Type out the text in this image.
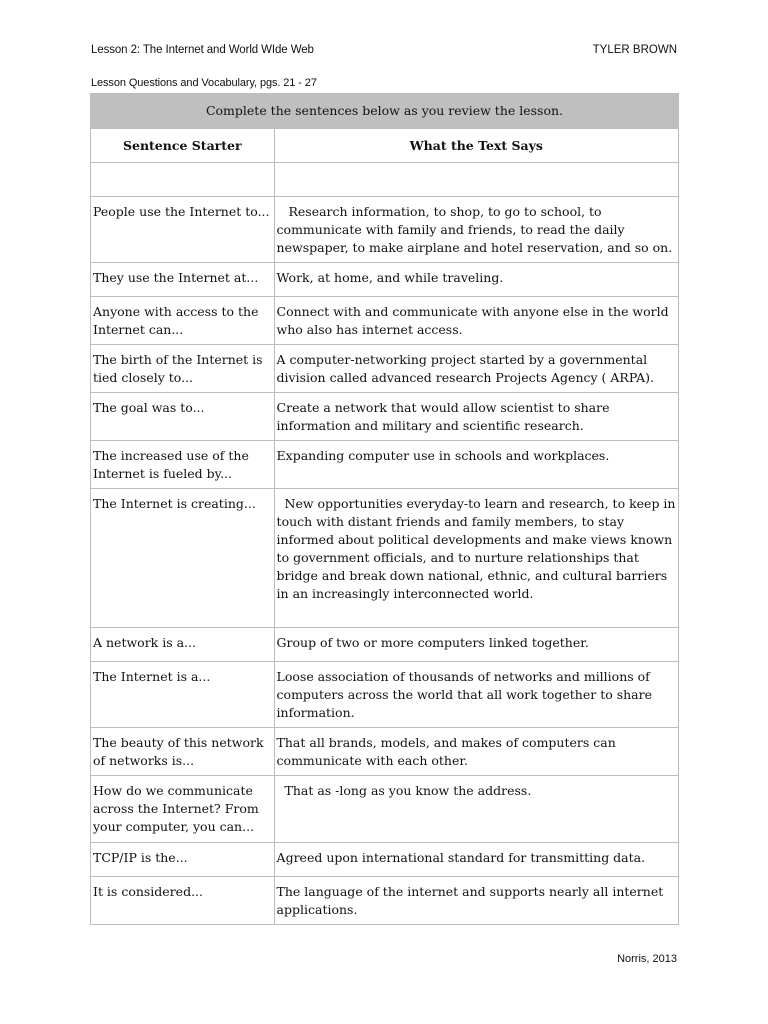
Lesson 2: The Internet and World WIde Web	TYLER BROWN
Lesson Questions and Vocabulary, pgs. 21 - 27
Complete the sentences below as you review the lesson.	
Sentence Starter	What the Text Says

People use the Internet to...	Research information, to shop, to go to school, to communicate with family and friends, to read the daily newspaper, to make airplane and hotel reservation, and so on.
They use the Internet at...	Work, at home, and while traveling.
Anyone with access to the Internet can...	Connect with and communicate with anyone else in the world who also has internet access.
The birth of the Internet is tied closely to...	A computer-networking project started by a governmental division called advanced research Projects Agency ( ARPA).
The goal was to...	Create a network that would allow scientist to share information and military and scientific research.
The increased use of the Internet is fueled by...	Expanding computer use in schools and workplaces.
The Internet is creating...	New opportunities everyday-to learn and research, to keep in touch with distant friends and family members, to stay informed about political developments and make views known to government officials, and to nurture relationships that bridge and break down national, ethnic, and cultural barriers in an increasingly interconnected world.
A network is a...	Group of two or more computers linked together.
The Internet is a...	Loose association of thousands of networks and millions of computers across the world that all work together to share information.
The beauty of this network of networks is...	That all brands, models, and makes of computers can communicate with each other.
How do we communicate across the Internet? From your computer, you can...	That as -long as you know the address.
TCP/IP is the...	Agreed upon international standard for transmitting data.
It is considered...	The language of the internet and supports nearly all internet applications.
Norris, 2013
